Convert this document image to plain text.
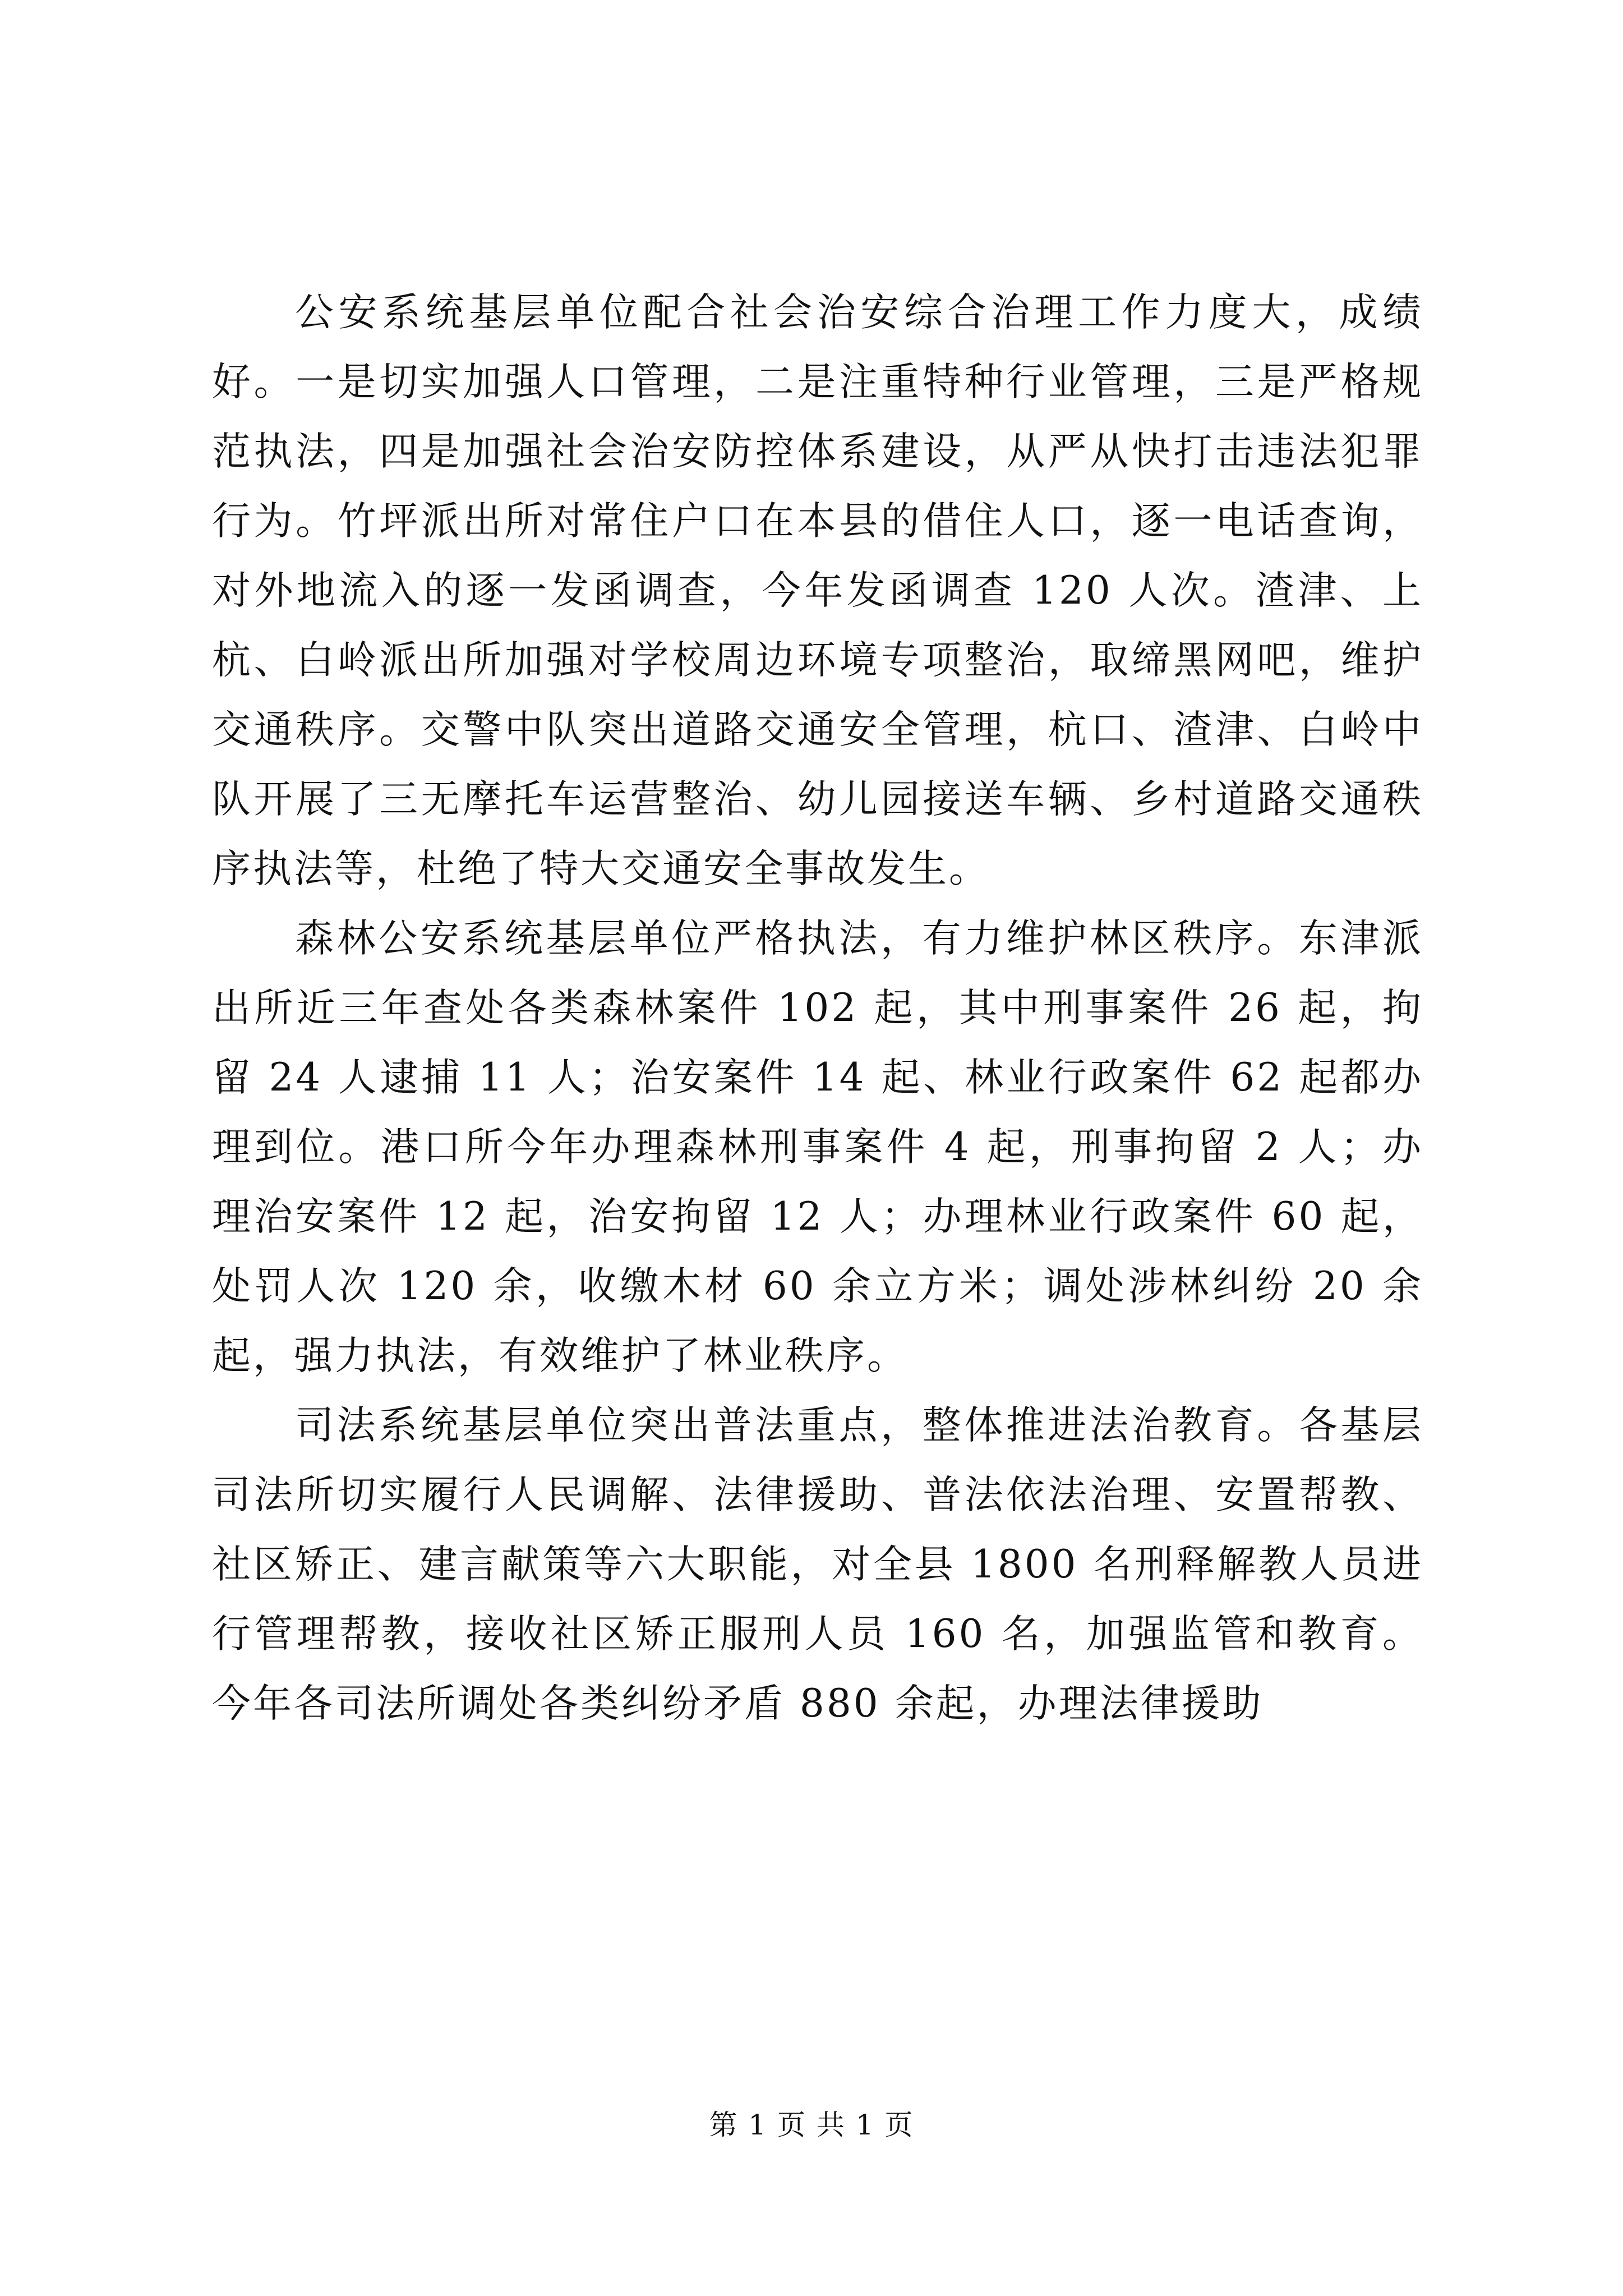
公安系统基层单位配合社会治安综合治理工作力度大，成绩好。一是切实加强人口管理，二是注重特种行业管理，三是严格规范执法，四是加强社会治安防控体系建设，从严从快打击违法犯罪行为。竹坪派出所对常住户口在本县的借住人口，逐一电话查询，对外地流入的逐一发函调查，今年发函调查 120 人次。渣津、上杭、白岭派出所加强对学校周边环境专项整治，取缔黑网吧，维护交通秩序。交警中队突出道路交通安全管理，杭口、渣津、白岭中队开展了三无摩托车运营整治、幼儿园接送车辆、乡村道路交通秩序执法等，杜绝了特大交通安全事故发生。

森林公安系统基层单位严格执法，有力维护林区秩序。东津派出所近三年查处各类森林案件 102 起，其中刑事案件 26 起，拘留 24 人逮捕 11 人；治安案件 14 起、林业行政案件 62 起都办理到位。港口所今年办理森林刑事案件 4 起，刑事拘留 2 人；办理治安案件 12 起，治安拘留 12 人；办理林业行政案件 60 起，处罚人次 120 余，收缴木材 60 余立方米；调处涉林纠纷 20 余起，强力执法，有效维护了林业秩序。

司法系统基层单位突出普法重点，整体推进法治教育。各基层司法所切实履行人民调解、法律援助、普法依法治理、安置帮教、社区矫正、建言献策等六大职能，对全县 1800 名刑释解教人员进行管理帮教，接收社区矫正服刑人员 160 名，加强监管和教育。今年各司法所调处各类纠纷矛盾 880 余起，办理法律援助

第 1 页 共 1 页
